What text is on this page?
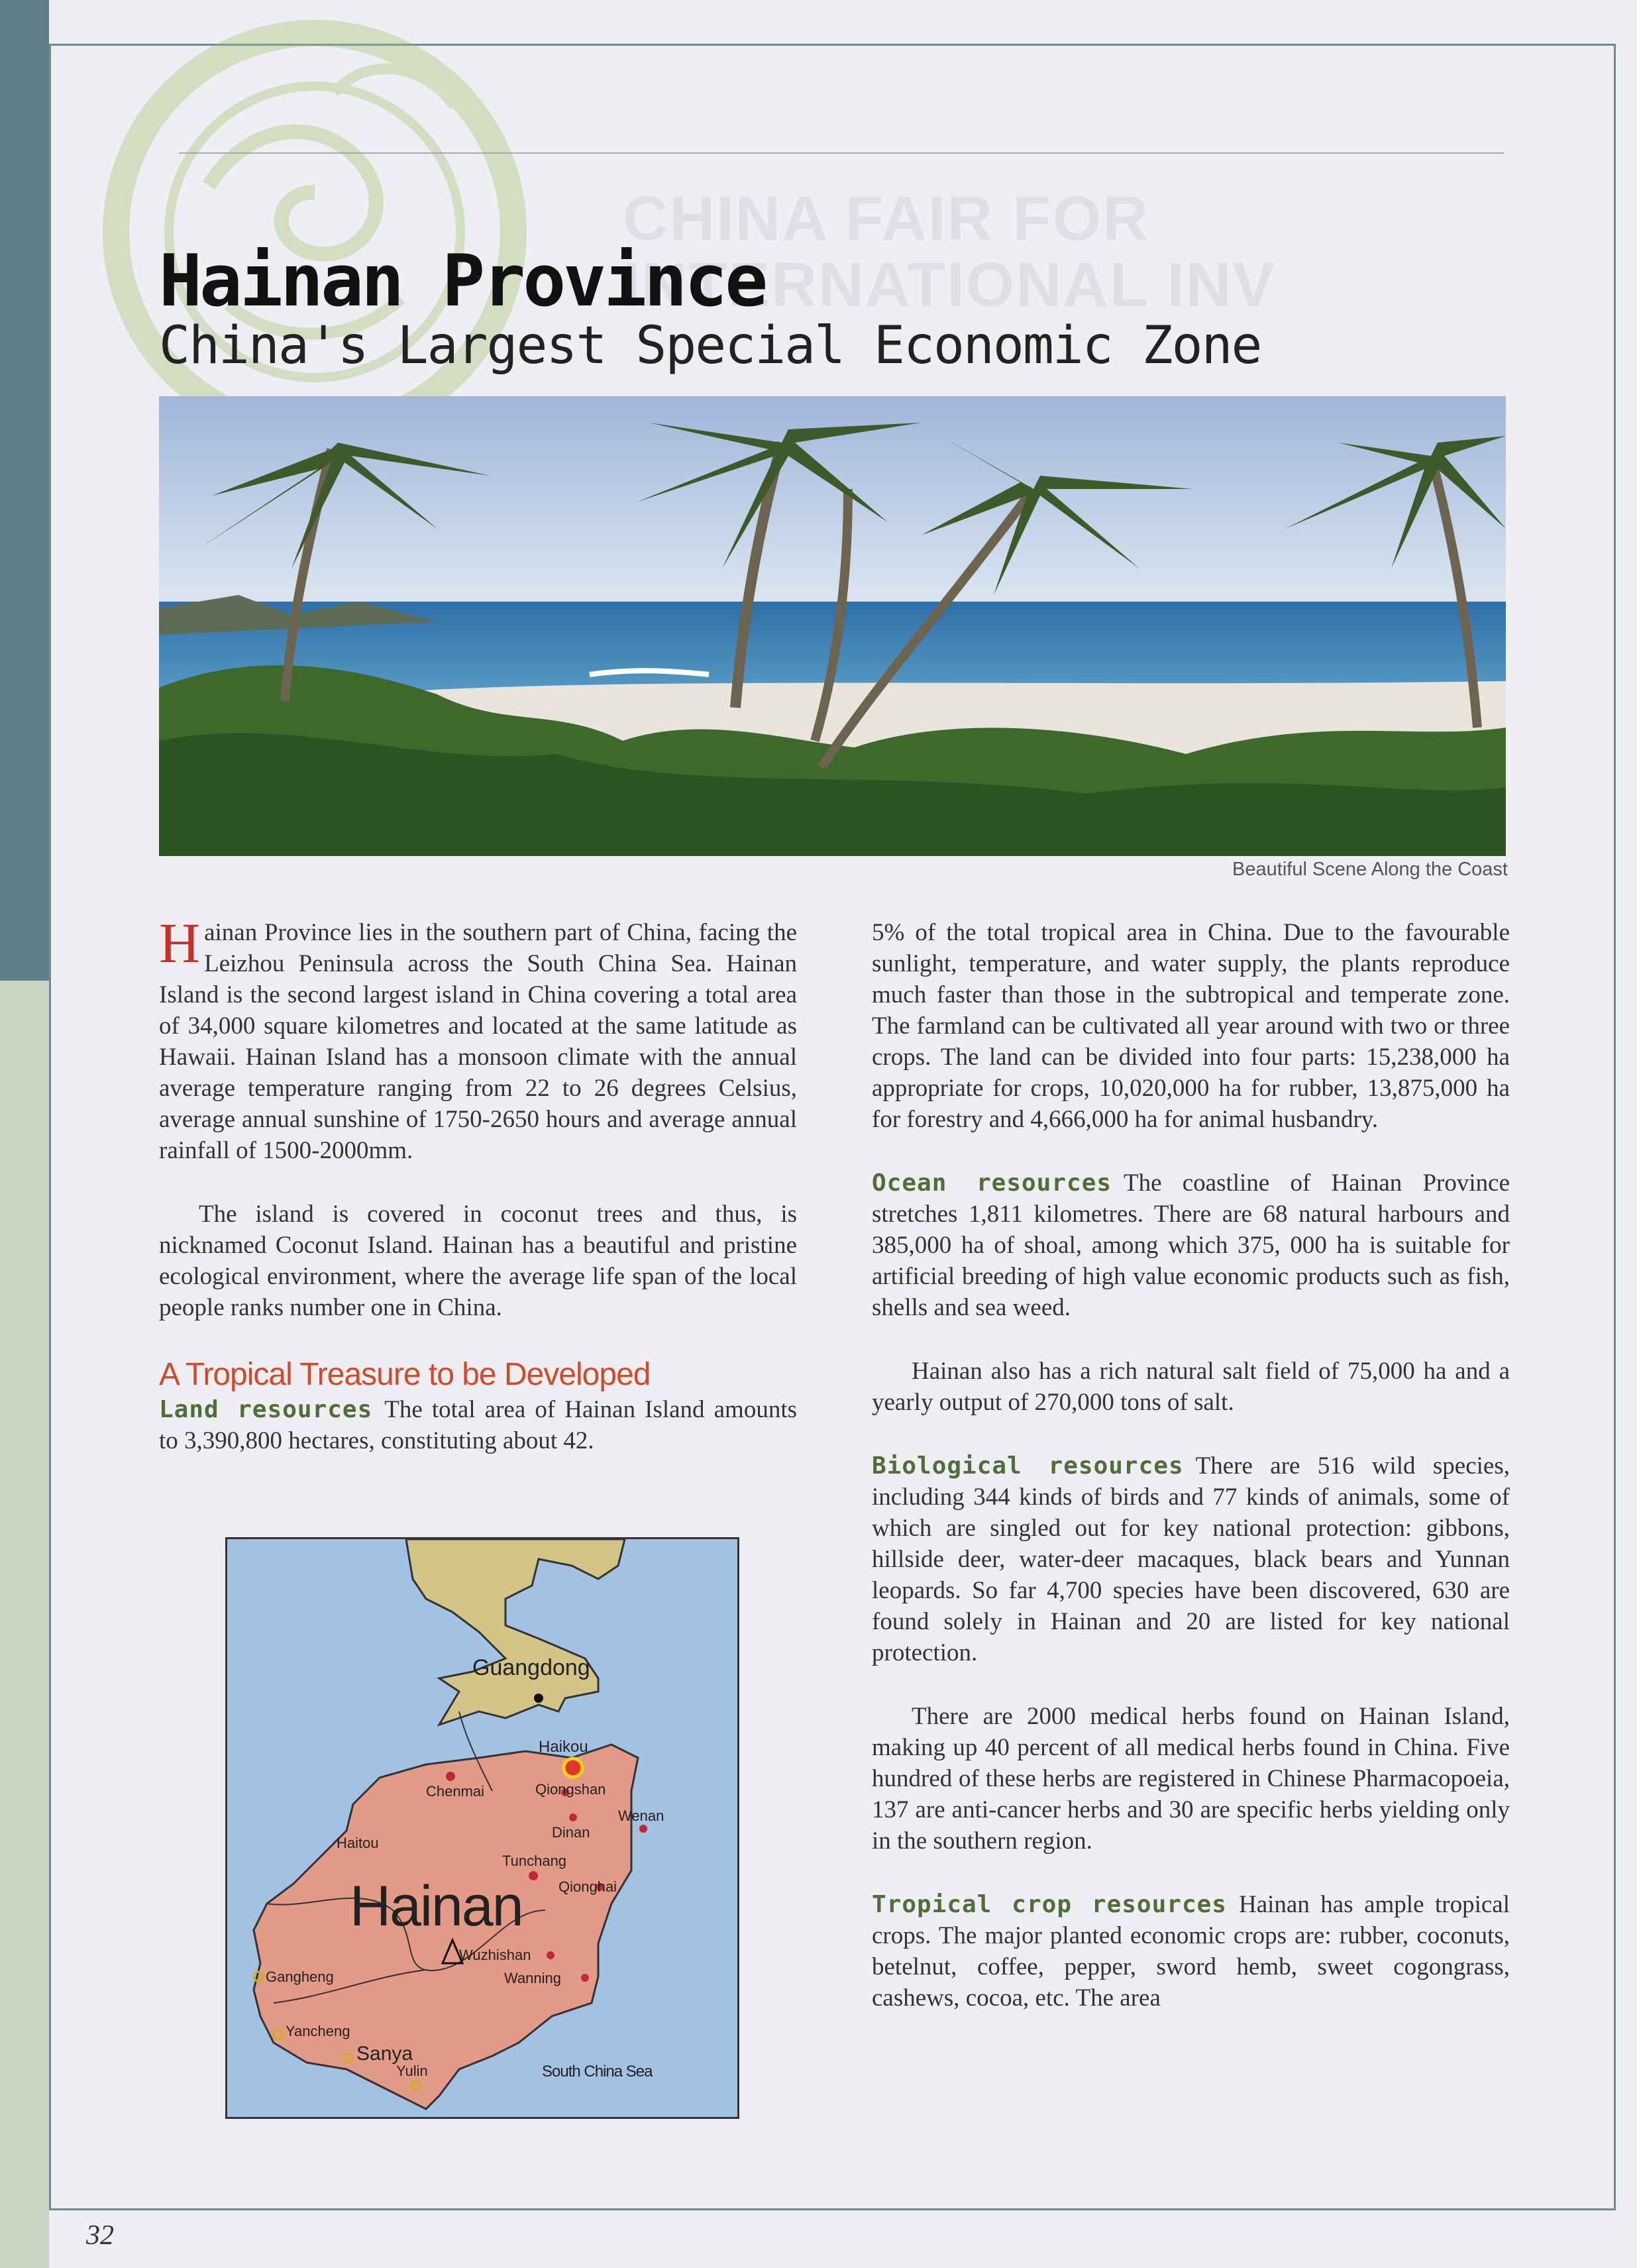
CHINA FAIR FOR
INTERNATIONAL INV
Hainan Province
China's Largest Special Economic Zone
Beautiful Scene Along the Coast

Hainan Province lies in the southern part of China, facing the Leizhou Peninsula across the South China Sea. Hainan Island is the second largest island in China covering a total area of 34,000 square kilometres and located at the same latitude as Hawaii. Hainan Island has a monsoon climate with the annual average temperature ranging from 22 to 26 degrees Celsius, average annual sunshine of 1750-2650 hours and average annual rainfall of 1500-2000mm.

The island is covered in coconut trees and thus, is nicknamed Coconut Island. Hainan has a beautiful and pristine ecological environment, where the average life span of the local people ranks number one in China.

A Tropical Treasure to be Developed

Land resources The total area of Hainan Island amounts to 3,390,800 hectares, constituting about 42.

5% of the total tropical area in China. Due to the favourable sunlight, temperature, and water supply, the plants reproduce much faster than those in the subtropical and temperate zone. The farmland can be cultivated all year around with two or three crops. The land can be divided into four parts: 15,238,000 ha appropriate for crops, 10,020,000 ha for rubber, 13,875,000 ha for forestry and 4,666,000 ha for animal husbandry.

Ocean resources The coastline of Hainan Province stretches 1,811 kilometres. There are 68 natural harbours and 385,000 ha of shoal, among which 375, 000 ha is suitable for artificial breeding of high value economic products such as fish, shells and sea weed.

Hainan also has a rich natural salt field of 75,000 ha and a yearly output of 270,000 tons of salt.

Biological resources There are 516 wild species, including 344 kinds of birds and 77 kinds of animals, some of which are singled out for key national protection: gibbons, hillside deer, water-deer macaques, black bears and Yunnan leopards. So far 4,700 species have been discovered, 630 are found solely in Hainan and 20 are listed for key national protection.

There are 2000 medical herbs found on Hainan Island, making up 40 percent of all medical herbs found in China. Five hundred of these herbs are registered in Chinese Pharmacopoeia, 137 are anti-cancer herbs and 30 are specific herbs yielding only in the southern region.

Tropical crop resources Hainan has ample tropical crops. The major planted economic crops are: rubber, coconuts, betelnut, coffee, pepper, sword hemb, sweet cogongrass, cashews, cocoa, etc. The area

Guangdong
Hainan
Haikou
Chenmai	Qiongshan
Wenan
Dinan
Haitou
Tunchang
Qionghai
Wuzhishan
Wanning
Gangheng
Yancheng
Sanya
Yulin	South China Sea
32
